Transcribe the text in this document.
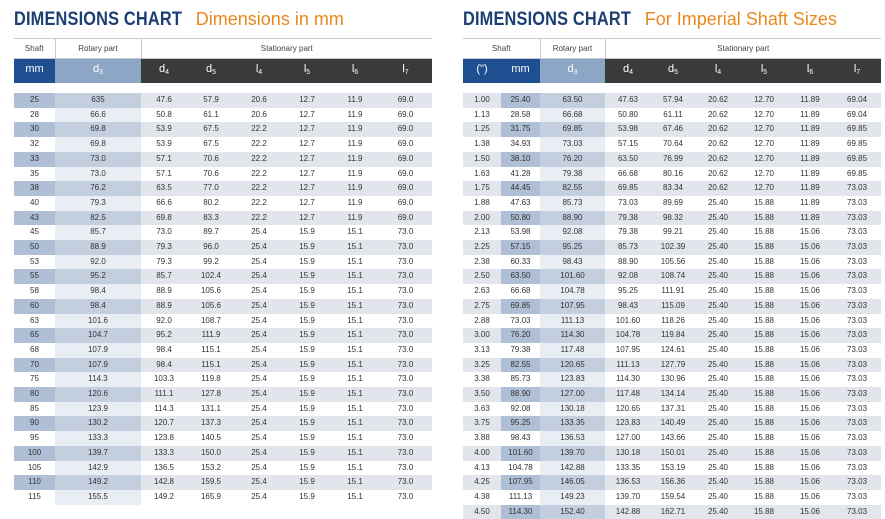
DIMENSIONS CHART Dimensions in mm
Shaft	Rotary part	Stationary part					
mm	$d_3$	$d_4$	$d_5$	$l_4$	$l_5$	$l_6$	$l_7$

25	635	47.6	57.9	20.6	12.7	11.9	69.0
28	66.6	50.8	61.1	20.6	12.7	11.9	69.0
30	69.8	53.9	67.5	22.2	12.7	11.9	69.0
32	69.8	53.9	67.5	22.2	12.7	11.9	69.0
33	73.0	57.1	70.6	22.2	12.7	11.9	69.0
35	73.0	57.1	70.6	22.2	12.7	11.9	69.0
38	76.2	63.5	77.0	22.2	12.7	11.9	69.0
40	79.3	66.6	80.2	22.2	12.7	11.9	69.0
43	82.5	69.8	83.3	22.2	12.7	11.9	69.0
45	85.7	73.0	89.7	25.4	15.9	15.1	73.0
50	88.9	79.3	96.0	25.4	15.9	15.1	73.0
53	92.0	79.3	99.2	25.4	15.9	15.1	73.0
55	95.2	85.7	102.4	25.4	15.9	15.1	73.0
58	98.4	88.9	105.6	25.4	15.9	15.1	73.0
60	98.4	88.9	105.6	25.4	15.9	15.1	73.0
63	101.6	92.0	108.7	25.4	15.9	15.1	73.0
65	104.7	95.2	111.9	25.4	15.9	15.1	73.0
68	107.9	98.4	115.1	25.4	15.9	15.1	73.0
70	107.9	98.4	115.1	25.4	15.9	15.1	73.0
75	114.3	103.3	119.8	25.4	15.9	15.1	73.0
80	120.6	111.1	127.8	25.4	15.9	15.1	73.0
85	123.9	114.3	131.1	25.4	15.9	15.1	73.0
90	130.2	120.7	137.3	25.4	15.9	15.1	73.0
95	133.3	123.8	140.5	25.4	15.9	15.1	73.0
100	139.7	133.3	150.0	25.4	15.9	15.1	73.0
105	142.9	136.5	153.2	25.4	15.9	15.1	73.0
110	149.2	142.8	159.5	25.4	15.9	15.1	73.0
115	155.5	149.2	165.9	25.4	15.9	15.1	73.0
DIMENSIONS CHART For Imperial Shaft Sizes
Shaft		Rotary part	Stationary part					
(")	mm	$d_3$	$d_4$	$d_5$	$l_4$	$l_5$	$l_6$	$l_7$

1.00	25.40	63.50	47.63	57.94	20.62	12.70	11.89	69.04
1.13	28.58	66.68	50.80	61.11	20.62	12.70	11.89	69.04
1.25	31.75	69.85	53.98	67.46	20.62	12.70	11.89	69.85
1.38	34.93	73.03	57.15	70.64	20.62	12.70	11.89	69.85
1.50	38.10	76.20	63.50	76.99	20.62	12.70	11.89	69.85
1.63	41.28	79.38	66.68	80.16	20.62	12.70	11.89	69.85
1.75	44.45	82.55	69.85	83.34	20.62	12.70	11.89	73.03
1.88	47.63	85.73	73.03	89.69	25.40	15.88	11.89	73.03
2.00	50.80	88.90	79.38	98.32	25.40	15.88	11.89	73.03
2.13	53.98	92.08	79.38	99.21	25.40	15.88	15.06	73.03
2.25	57.15	95.25	85.73	102.39	25.40	15.88	15.06	73.03
2.38	60.33	98.43	88.90	105.56	25.40	15.88	15.06	73.03
2.50	63.50	101.60	92.08	108.74	25.40	15.88	15.06	73.03
2.63	66.68	104.78	95.25	111.91	25.40	15.88	15.06	73.03
2.75	69.85	107.95	98.43	115.09	25.40	15.88	15.06	73.03
2.88	73.03	111.13	101.60	118.26	25.40	15.88	15.06	73.03
3.00	76.20	114.30	104.78	119.84	25.40	15.88	15.06	73.03
3.13	79.38	117.48	107.95	124.61	25.40	15.88	15.06	73.03
3.25	82.55	120.65	111.13	127.79	25.40	15.88	15.06	73.03
3.38	85.73	123.83	114.30	130.96	25.40	15.88	15.06	73.03
3.50	88.90	127.00	117.48	134.14	25.40	15.88	15.06	73.03
3.63	92.08	130.18	120.65	137.31	25.40	15.88	15.06	73.03
3.75	95.25	133.35	123.83	140.49	25.40	15.88	15.06	73.03
3.88	98.43	136.53	127.00	143.66	25.40	15.88	15.06	73.03
4.00	101.60	139.70	130.18	150.01	25.40	15.88	15.06	73.03
4.13	104.78	142.88	133.35	153.19	25.40	15.88	15.06	73.03
4.25	107.95	146.05	136.53	156.36	25.40	15.88	15.06	73.03
4.38	111.13	149.23	139.70	159.54	25.40	15.88	15.06	73.03
4.50	114.30	152.40	142.88	162.71	25.40	15.88	15.06	73.03
